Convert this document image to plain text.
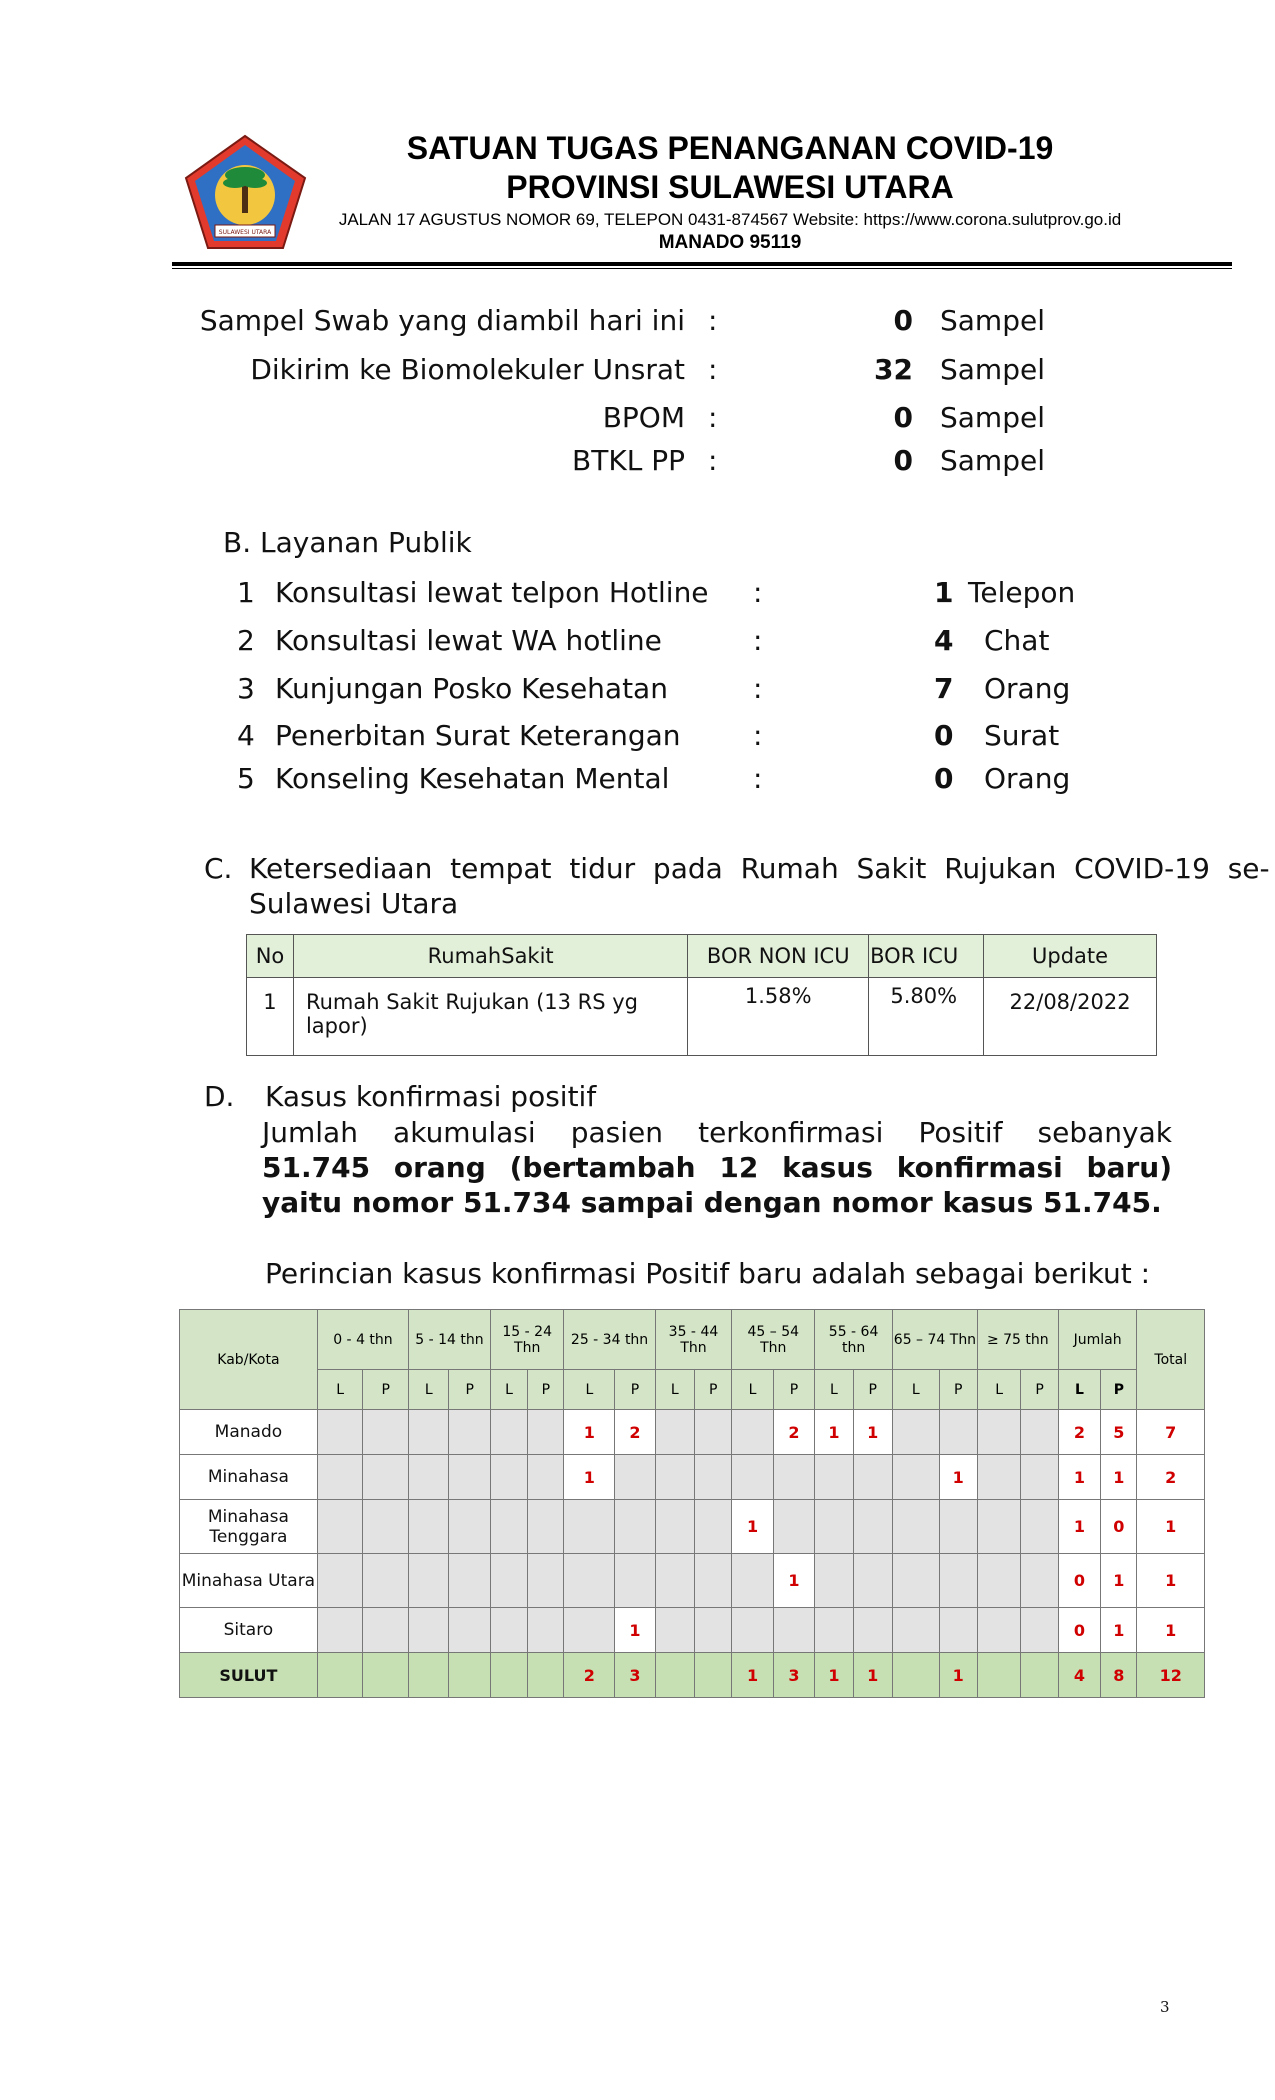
SULAWESI UTARA
SATUAN TUGAS PENANGANAN COVID-19
PROVINSI SULAWESI UTARA
JALAN 17 AGUSTUS NOMOR 69, TELEPON 0431-874567 Website: https://www.corona.sulutprov.go.id
MANADO 95119
Sampel Swab yang diambil hari ini :	0 Sampel
Dikirim ke Biomolekuler Unsrat :	32 Sampel
BPOM :	0 Sampel
BTKL PP :	0 Sampel
B. Layanan Publik
1 Konsultasi lewat telpon Hotline :	1 Telepon
2 Konsultasi lewat WA hotline	:	4 Chat
3 Kunjungan Posko Kesehatan	:	7 Orang
4 Penerbitan Surat Keterangan	:	0 Surat
5 Konseling Kesehatan Mental	:	0 Orang
C. Ketersediaan  tempat  tidur  pada  Rumah  Sakit  Rujukan  COVID-19  se-
Sulawesi Utara
No	RumahSakit	BOR NON ICU	BOR ICU	Update
1	Rumah Sakit Rujukan (13 RS yg lapor)	1.58%	5.80%	22/08/2022
D. Kasus konfirmasi positif
Jumlah  akumulasi  pasien  terkonfirmasi  Positif  sebanyak 51.745 orang (bertambah 12 kasus konfirmasi baru) yaitu nomor 51.734 sampai dengan nomor kasus 51.745.
Perincian kasus konfirmasi Positif baru adalah sebagai berikut :
Kab/Kota	0 - 4 thn		5 - 14 thn		15 - 24 Thn		25 - 34 thn		35 - 44 Thn		45 – 54 Thn		55 - 64 thn		65 – 74 Thn		≥ 75 thn		Jumlah		Total
	L	P	L	P	L	P	L	P	L	P	L	P	L	P	L	P	L	P	L	P	
Manado							1	2				2	1	1					2	5	7
Minahasa							1									1			1	1	2
Minahasa Tenggara											1								1	0	1
Minahasa Utara												1							0	1	1
Sitaro								1											0	1	1
SULUT							2	3			1	3	1	1		1			4	8	12
3
